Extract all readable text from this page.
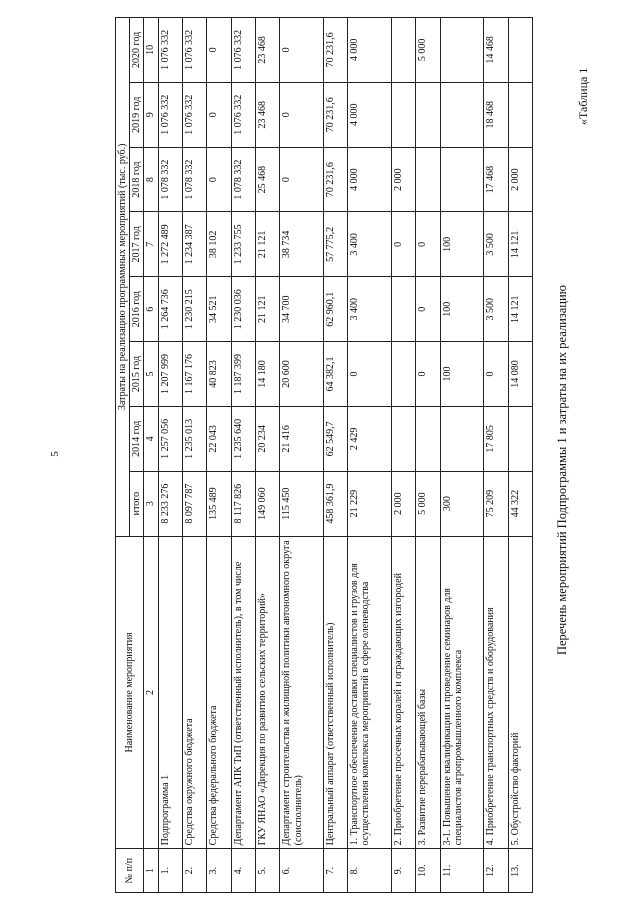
5
«Таблица 1
Перечень мероприятий Подпрограммы 1 и затраты на их реализацию
№ п/п	Наименование мероприятия	Затраты на реализацию программных мероприятий (тыс. руб.)							
		итого	2014 год	2015 год	2016 год	2017 год	2018 год	2019 год	2020 год
1	2	3	4	5	6	7	8	9	10
1.	Подпрограмма 1	8 233 276	1 257 056	1 207 999	1 264 736	1 272 489	1 078 332	1 076 332	1 076 332
2.	Средства окружного бюджета	8 097 787	1 235 013	1 167 176	1 230 215	1 234 387	1 078 332	1 076 332	1 076 332
3.	Средства федерального бюджета	135 489	22 043	40 823	34 521	38 102	0	0	0
4.	Департамент АПК ТиП (ответственный исполнитель), в том числе	8 117 826	1 235 640	1 187 399	1 230 036	1 233 755	1 078 332	1 076 332	1 076 332
5.	ГКУ ЯНАО «Дирекция по развитию сельских территорий»	149 060	20 234	14 180	21 121	21 121	25 468	23 468	23 468
6.	Департамент строительства и жилищной политики автономного округа (соисполнитель)	115 450	21 416	20 600	34 700	38 734	0	0	0
7.	Центральный аппарат (ответственный исполнитель)	458 361,9	62 549,7	64 382,1	62 960,1	57 775,2	70 231,6	70 231,6	70 231,6
8.	1. Транспортное обеспечение доставки специалистов и грузов для осуществления комплекса мероприятий в сфере оленеводства	21 229	2 429	0	3 400	3 400	4 000	4 000	4 000
9.	2. Приобретение просечных коралей и ограждающих изгородей	2 000				0	2 000		
10.	3. Развитие перерабатывающей базы	5 000		0	0	0			5 000
11.	3-1. Повышение квалификации и проведение семинаров для специалистов агропромышленного комплекса	300		100	100	100			
12.	4. Приобретение транспортных средств и оборудования	75 209	17 805	0	3 500	3 500	17 468	18 468	14 468
13.	5. Обустройство факторий	44 322		14 080	14 121	14 121	2 000		
